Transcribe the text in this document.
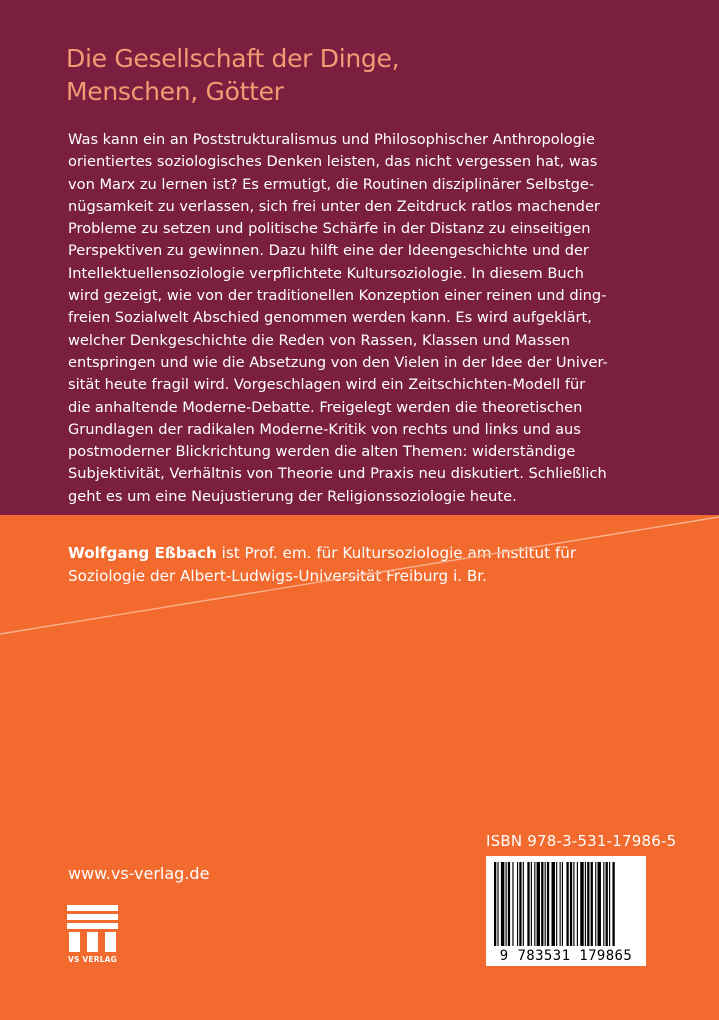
Die Gesellschaft der Dinge,
Menschen, Götter
Was kann ein an Poststrukturalismus und Philosophischer Anthropologie
orientiertes soziologisches Denken leisten, das nicht vergessen hat, was
von Marx zu lernen ist? Es ermutigt, die Routinen disziplinärer Selbstge-
nügsamkeit zu verlassen, sich frei unter den Zeitdruck ratlos machender
Probleme zu setzen und politische Schärfe in der Distanz zu einseitigen
Perspektiven zu gewinnen. Dazu hilft eine der Ideengeschichte und der
Intellektuellensoziologie verpflichtete Kultursoziologie. In diesem Buch
wird gezeigt, wie von der traditionellen Konzeption einer reinen und ding-
freien Sozialwelt Abschied genommen werden kann. Es wird aufgeklärt,
welcher Denkgeschichte die Reden von Rassen, Klassen und Massen
entspringen und wie die Absetzung von den Vielen in der Idee der Univer-
sität heute fragil wird. Vorgeschlagen wird ein Zeitschichten-Modell für
die anhaltende Moderne-Debatte. Freigelegt werden die theoretischen
Grundlagen der radikalen Moderne-Kritik von rechts und links und aus
postmoderner Blickrichtung werden die alten Themen: widerständige
Subjektivität, Verhältnis von Theorie und Praxis neu diskutiert. Schließlich
geht es um eine Neujustierung der Religionssoziologie heute.
Wolfgang Eßbach ist Prof. em. für Kultursoziologie am Institut für
Soziologie der Albert-Ludwigs-Universität Freiburg i. Br.
www.vs-verlag.de
VS VERLAG
ISBN 978-3-531-17986-5
9 783531 179865
